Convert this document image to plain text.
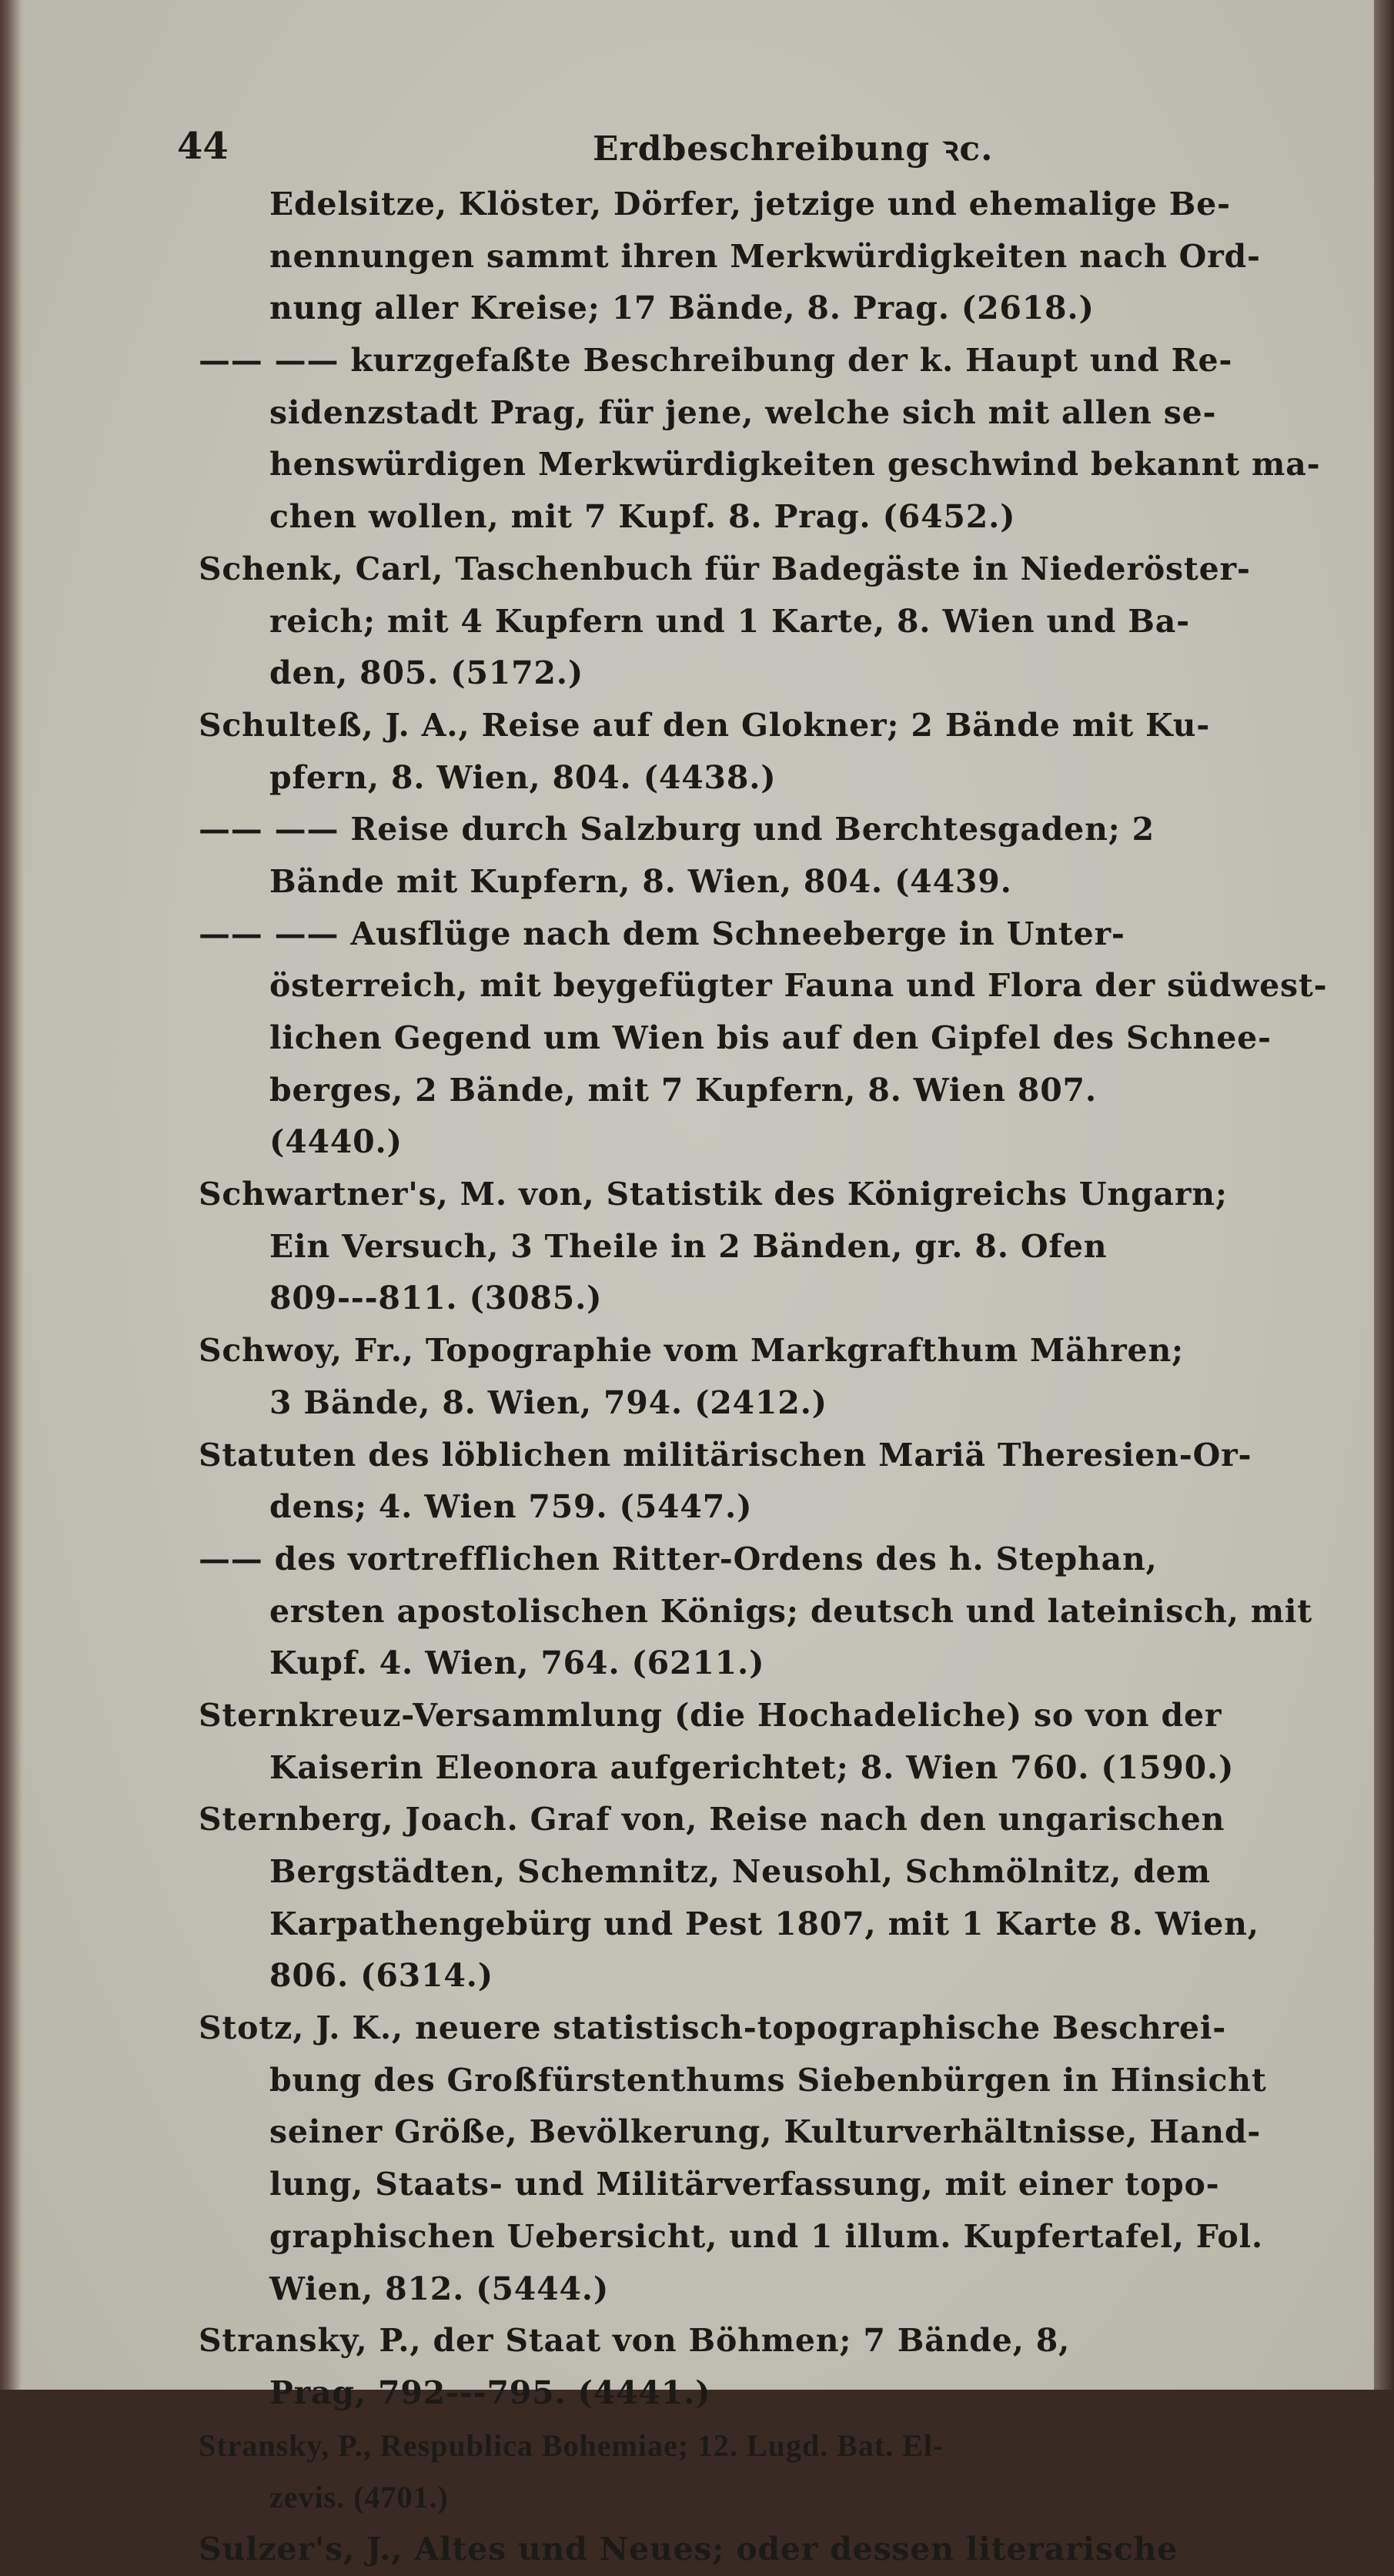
44	Erdbeschreibung ꝛc.
Edelsitze, Klöster, Dörfer, jetzige und ehemalige Be-
nennungen sammt ihren Merkwürdigkeiten nach Ord-
nung aller Kreise; 17 Bände, 8. Prag. (2618.)
—— —— kurzgefaßte Beschreibung der k. Haupt und Re-
sidenzstadt Prag, für jene, welche sich mit allen se-
henswürdigen Merkwürdigkeiten geschwind bekannt ma-
chen wollen, mit 7 Kupf. 8. Prag. (6452.)
Schenk, Carl, Taschenbuch für Badegäste in Niederöster-
reich; mit 4 Kupfern und 1 Karte, 8. Wien und Ba-
den, 805. (5172.)
Schulteß, J. A., Reise auf den Glokner; 2 Bände mit Ku-
pfern, 8. Wien, 804. (4438.)
—— —— Reise durch Salzburg und Berchtesgaden; 2
Bände mit Kupfern, 8. Wien, 804. (4439.
—— —— Ausflüge nach dem Schneeberge in Unter-
österreich, mit beygefügter Fauna und Flora der südwest-
lichen Gegend um Wien bis auf den Gipfel des Schnee-
berges, 2 Bände, mit 7 Kupfern, 8. Wien 807.
(4440.)
Schwartner's, M. von, Statistik des Königreichs Ungarn;
Ein Versuch, 3 Theile in 2 Bänden, gr. 8. Ofen
809---811. (3085.)
Schwoy, Fr., Topographie vom Markgrafthum Mähren;
3 Bände, 8. Wien, 794. (2412.)
Statuten des löblichen militärischen Mariä Theresien-Or-
dens; 4. Wien 759. (5447.)
—— des vortrefflichen Ritter-Ordens des h. Stephan,
ersten apostolischen Königs; deutsch und lateinisch, mit
Kupf. 4. Wien, 764. (6211.)
Sternkreuz-Versammlung (die Hochadeliche) so von der
Kaiserin Eleonora aufgerichtet; 8. Wien 760. (1590.)
Sternberg, Joach. Graf von, Reise nach den ungarischen
Bergstädten, Schemnitz, Neusohl, Schmölnitz, dem
Karpathengebürg und Pest 1807, mit 1 Karte 8. Wien,
806. (6314.)
Stotz, J. K., neuere statistisch-topographische Beschrei-
bung des Großfürstenthums Siebenbürgen in Hinsicht
seiner Größe, Bevölkerung, Kulturverhältnisse, Hand-
lung, Staats- und Militärverfassung, mit einer topo-
graphischen Uebersicht, und 1 illum. Kupfertafel, Fol.
Wien, 812. (5444.)
Stransky, P., der Staat von Böhmen; 7 Bände, 8,
Prag, 792---795. (4441.)
Stransky, P., Respublica Bohemiae; 12. Lugd. Bat. El-
zevis. (4701.)
Sulzer's, J., Altes und Neues; oder dessen literarische
